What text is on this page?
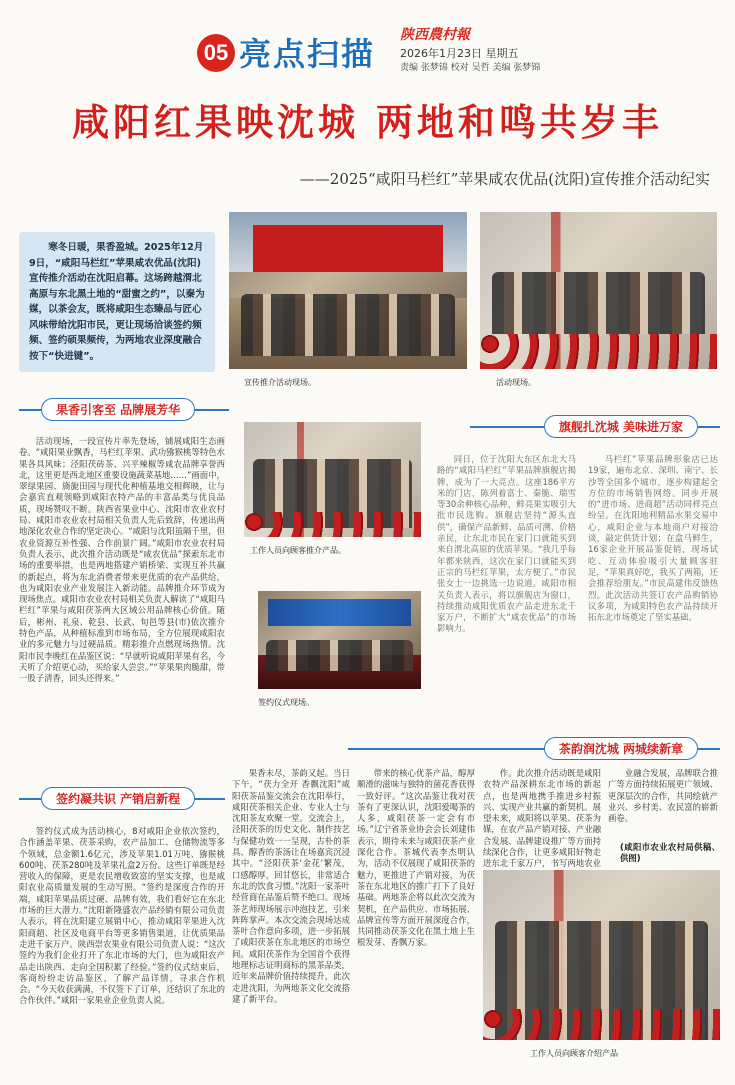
05 亮点扫描 陕西農村報
2026年1月23日 星期五
责编 张梦锦 校对 吴哲 美编 张梦锦
咸阳红果映沈城 两地和鸣共岁丰
——2025“咸阳马栏红”苹果咸农优品(沈阳)宣传推介活动纪实
寒冬日暖，果香盈城。2025年12月9日，“咸阳马栏红”苹果咸农优品(沈阳)宣传推介活动在沈阳启幕。这场跨越渭北高原与东北黑土地的“甜蜜之约”，以秦为媒，以茶会友，既将咸阳生态臻品与匠心风味带给沈阳市民，更让现场洽谈签约频频、签约硕果频传，为两地农业深度融合按下“快进键”。
宣传推介活动现场。	活动现场。
果香引客至 品牌展芳华

活动现场，一段宣传片率先登场，铺展咸阳生态画卷。“咸阳果业飘香，马栏红苹果、武功猕猴桃等特色水果各具风味；泾阳茯砖茶、兴平辣椒等咸农品牌享誉西北，这里更是西北地区重要设施蔬菜基地……”画面中，翠绿果园、旖旎田园与现代化种植基地交相辉映，让与会嘉宾直观领略到咸阳农特产品的丰富品类与优良品质，现场赞叹不断。陕西省果业中心、沈阳市农业农村局、咸阳市农业农村局相关负责人先后致辞，传递出两地深化农业合作的坚定决心。“咸阳与沈阳虽隔千里，但农业资源互补性强、合作前景广阔。”咸阳市农业农村局负责人表示，此次推介活动既是“咸农优品”探索东北市场的重要举措，也是两地搭建产销桥梁、实现互补共赢的新起点，将为东北消费者带来更优质的农产品供给，也为咸阳农业产业发展注入新动能。品牌推介环节成为现场焦点。咸阳市农业农村局相关负责人解读了“咸阳马栏红”苹果与咸阳茯茶两大区域公用品牌核心价值。随后，彬州、礼泉、乾县、长武、旬邑等县(市)依次推介特色产品，从种植标准到市场布局，全方位展现咸阳农业的多元魅力与过硬品质。精彩推介点燃现场热情。沈阳市民李晚红在品鉴区说：“早就听说咸阳苹果有名，今天听了介绍更心动，买给家人尝尝。”“苹果果肉脆甜，带一股子清香，回头还得来。”

工作人员向顾客推介产品。
签约仪式现场。
旗舰扎沈城 美味进万家

同日，位于沈阳大东区东北大马路的“咸阳马栏红”苹果品牌旗舰店揭牌，成为了一大亮点。这座186平方米的门店，陈列着富士、秦脆、瑞雪等30余种核心品种，鲜亮果实吸引大批市民选购。旗舰店坚持“源头直供”，确保产品新鲜、品质可溯、价格亲民，让东北市民在家门口就能买到来自渭北高原的优质苹果。“我几乎每年都来陕西，这次在家门口就能买到正宗的马栏红苹果，太方便了。”市民张女士一边挑选一边说道。咸阳市相关负责人表示，将以旗舰店为窗口，持续推动咸阳优质农产品走进东北千家万户，不断扩大“咸农优品”的市场影响力。

马栏红”苹果品牌形象店已达19家，遍布北京、深圳、南宁、长沙等全国多个城市，逐步构建起全方位的市场销售网络。同步开展的“进市场、进商超”活动同样亮点纷呈。在沈阳地利精品水果交易中心，咸阳企业与本地商户对接洽谈，敲定供货计划；在盒马鲜生，16家企业开展品鉴促销，现场试吃、互动体验吸引大量顾客驻足，“苹果真好吃，我买了两箱，还会推荐给朋友。”市民高建伟反馈热烈。此次活动共签订农产品购销协议多项，为咸阳特色农产品持续开拓东北市场奠定了坚实基础。

茶韵润沈城 两城续新章
签约凝共识 产销启新程

签约仪式成为活动核心，8对咸阳企业依次签约，合作涵盖苹果、茯茶采购，农产品加工、仓储物流等多个领域，总金额1.6亿元，涉及苹果1.01万吨、猕猴桃600吨、茯茶280吨及苹果礼盒2万份。这些订单既是经营收入的保障，更是农民增收致富的坚实支撑，也是咸阳农业高质量发展的生动写照。“签约是深度合作的开端，咸阳苹果品质过硬、品牌有效，我们看好它在东北市场的巨大潜力。”沈阳新隆盛农产品经销有限公司负责人表示，将在沈阳建立展销中心，推动咸阳苹果进入沈阳商超、社区及电商平台等更多销售渠道，让优质果品走进千家万户。陕西崇农果业有限公司负责人说：“这次签约为我们企业打开了东北市场的大门，也为咸阳农产品走出陕西、走向全国积累了经验。”签约仪式结束后，客商纷纷走访品鉴区，了解产品详情，寻求合作机会。“今天收获满满，不仅签下了订单，还结识了东北的合作伙伴。”咸阳一家果业企业负责人说。

果香未尽，茶韵又起。当日下午，“茯力全开 香飘沈阳”咸阳茯茶品鉴交流会在沈阳举行，咸阳茯茶相关企业、专业人士与沈阳茶友欢聚一堂。交流会上，泾阳茯茶的历史文化、制作技艺与保健功效一一呈现，古朴的茶具、醇香的茶汤让在场嘉宾沉浸其中。“泾阳茯茶‘金花’繁茂，口感醇厚，回甘悠长，非常适合东北的饮食习惯。”沈阳一家茶叶经营商在品鉴后赞不绝口。现场茶艺师现场展示冲泡技艺，引来阵阵掌声。本次交流会现场达成茶叶合作意向多项，进一步拓展了咸阳茯茶在东北地区的市场空间。咸阳茯茶作为全国首个获得地理标志证明商标的黑茶品类，近年来品牌价值持续提升，此次走进沈阳，为两地茶文化交流搭建了新平台。

带来的核心优茶产品，醇厚顺滑的滋味与独特的菌花香获得一致好评。“这次品鉴让我对茯茶有了更深认识，沈阳爱喝茶的人多，咸阳茯茶一定会有市场。”辽宁省茶业协会会长刘建伟表示，期待未来与咸阳茯茶产业深化合作。茶城代表李杰明认为，活动不仅展现了咸阳茯茶的魅力，更推进了产销对接，为茯茶在东北地区的推广打下了良好基础。两地茶企将以此次交流为契机，在产品供应、市场拓展、品牌宣传等方面开展深度合作，共同推动茯茶文化在黑土地上生根发芽、香飘万家。

作。此次推介活动既是咸阳农特产品深耕东北市场的新起点，也是两地携手推进乡村振兴、实现产业共赢的新契机。展望未来，咸阳将以苹果、茯茶为媒，在农产品产销对接、产业融合发展、品牌建设推广等方面持续深化合作，让更多咸阳好物走进东北千家万户，书写两地农业

业融合发展，品牌联合推广等方面持续拓展更广领域、更深层次的合作，共同绘就产业兴、乡村美、农民富的崭新画卷。

(咸阳市农业农村局供稿、供图)
工作人员向顾客介绍产品
